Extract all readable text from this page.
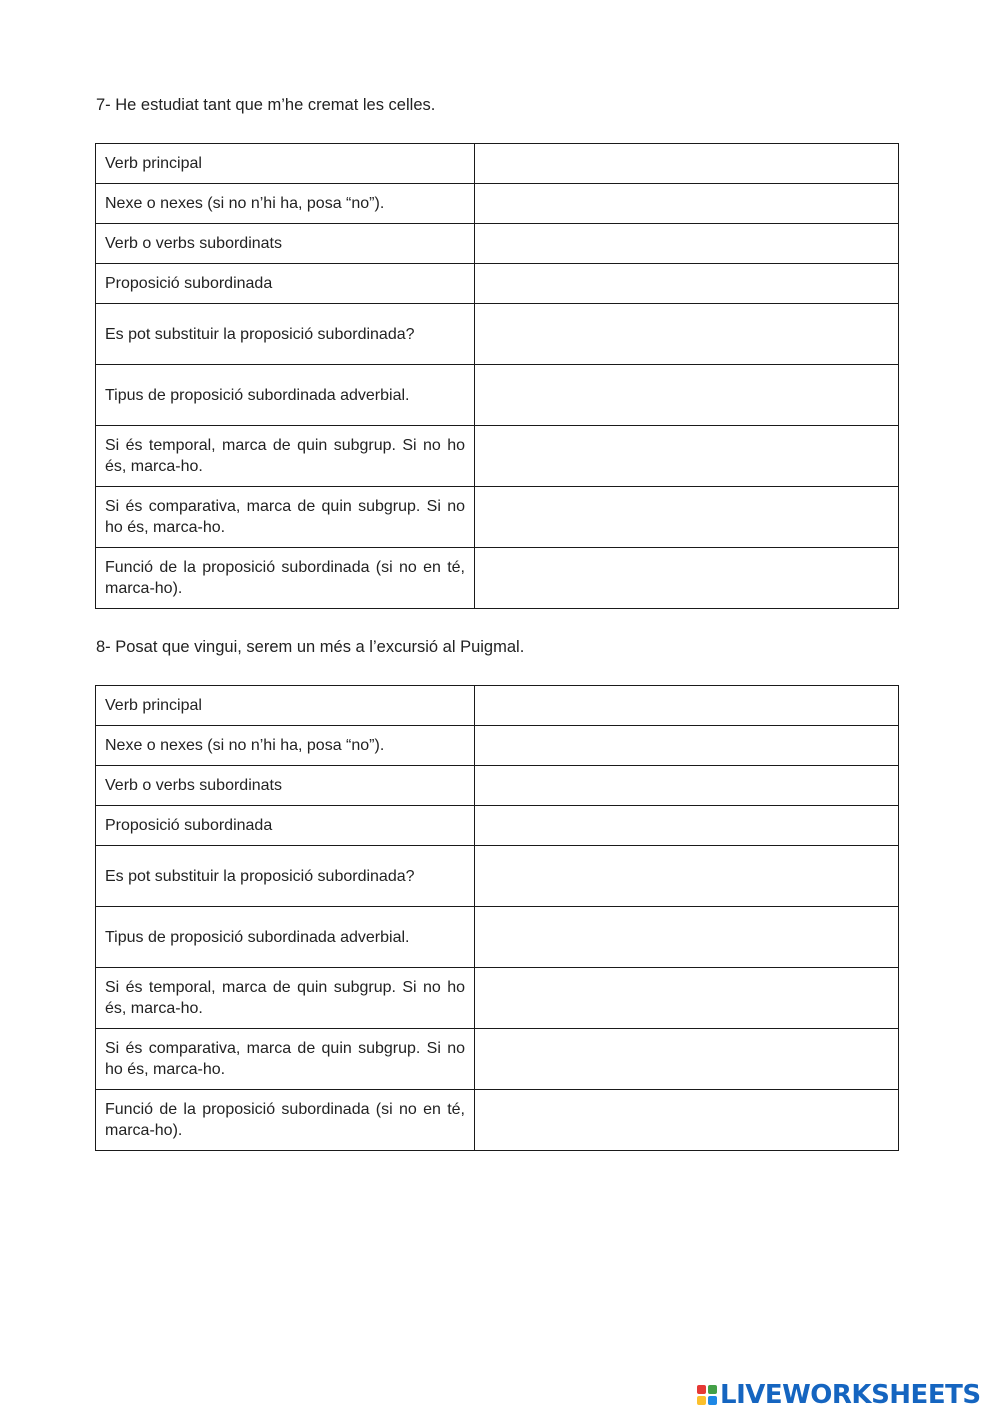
7- He estudiat tant que m’he cremat les celles.
Verb principal	

Nexe o nexes (si no n’hi ha, posa “no”).	

Verb o verbs subordinats	

Proposició subordinada	

Es pot substituir la proposició subordinada?	

Tipus de proposició subordinada adverbial.	

Si és temporal, marca de quin subgrup. Si no ho és, marca-ho.	

Si és comparativa, marca de quin subgrup. Si no ho és, marca-ho.	

Funció de la proposició subordinada (si no en té, marca-ho).	
8- Posat que vingui, serem un més a l’excursió al Puigmal.
Verb principal	

Nexe o nexes (si no n’hi ha, posa “no”).	

Verb o verbs subordinats	

Proposició subordinada	

Es pot substituir la proposició subordinada?	

Tipus de proposició subordinada adverbial.	

Si és temporal, marca de quin subgrup. Si no ho és, marca-ho.	

Si és comparativa, marca de quin subgrup. Si no ho és, marca-ho.	

Funció de la proposició subordinada (si no en té, marca-ho).	
LIVEWORKSHEETS
